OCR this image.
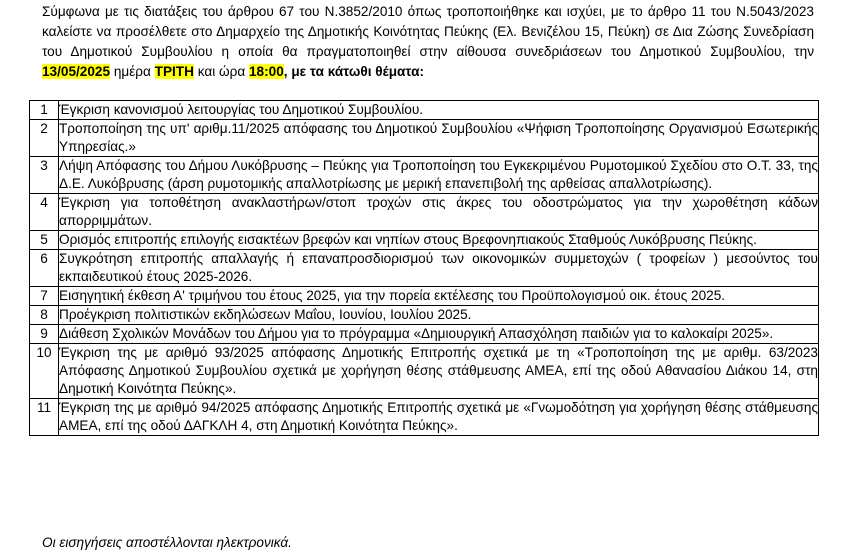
Σύμφωνα με τις διατάξεις του άρθρου 67 του Ν.3852/2010 όπως τροποποιήθηκε και ισχύει, με το άρθρο 11 του Ν.5043/2023 καλείστε να προσέλθετε στο Δημαρχείο της Δημοτικής Κοινότητας Πεύκης (Ελ. Βενιζέλου 15, Πεύκη) σε Δια Ζώσης Συνεδρίαση του Δημοτικού Συμβουλίου η οποία θα πραγματοποιηθεί στην αίθουσα συνεδριάσεων του Δημοτικού Συμβουλίου, την 13/05/2025 ημέρα ΤΡΙΤΗ και ώρα 18:00, με τα κάτωθι θέματα:

1	Έγκριση κανονισμού λειτουργίας του Δημοτικού Συμβουλίου.
2	Τροποποίηση της υπ' αριθμ.11/2025 απόφασης του Δημοτικού Συμβουλίου «Ψήφιση Τροποποίησης Οργανισμού Εσωτερικής Υπηρεσίας.»
3	Λήψη Απόφασης του Δήμου Λυκόβρυσης – Πεύκης για Τροποποίηση του Εγκεκριμένου Ρυμοτομικού Σχεδίου στο Ο.Τ. 33, της Δ.Ε. Λυκόβρυσης (άρση ρυμοτομικής απαλλοτρίωσης με μερική επανεπιβολή της αρθείσας απαλλοτρίωσης).
4	Έγκριση για τοποθέτηση ανακλαστήρων/στοπ τροχών στις άκρες του οδοστρώματος για την χωροθέτηση κάδων απορριμμάτων.
5	Ορισμός επιτροπής επιλογής εισακτέων βρεφών και νηπίων στους Βρεφονηπιακούς Σταθμούς Λυκόβρυσης Πεύκης.
6	Συγκρότηση επιτροπής απαλλαγής ή επαναπροσδιορισμού των οικονομικών συμμετοχών ( τροφείων ) μεσούντος του εκπαιδευτικού έτους 2025-2026.
7	Εισηγητική έκθεση Α' τριμήνου του έτους 2025, για την πορεία εκτέλεσης του Προϋπολογισμού οικ. έτους 2025.
8	Προέγκριση πολιτιστικών εκδηλώσεων Μαΐου, Ιουνίου, Ιουλίου 2025.
9	Διάθεση Σχολικών Μονάδων του Δήμου για το πρόγραμμα «Δημιουργική Απασχόληση παιδιών για το καλοκαίρι 2025».
10	Έγκριση της με αριθμό 93/2025 απόφασης Δημοτικής Επιτροπής σχετικά με τη «Τροποποίηση της με αριθμ. 63/2023 Απόφασης Δημοτικού Συμβουλίου σχετικά με χορήγηση θέσης στάθμευσης ΑΜΕΑ, επί της οδού Αθανασίου Διάκου 14, στη Δημοτική Κοινότητα Πεύκης».
11	Έγκριση της με αριθμό 94/2025 απόφασης Δημοτικής Επιτροπής σχετικά με «Γνωμοδότηση για χορήγηση θέσης στάθμευσης ΑΜΕΑ, επί της οδού ΔΑΓΚΛΗ 4, στη Δημοτική Κοινότητα Πεύκης».

Οι εισηγήσεις αποστέλλονται ηλεκτρονικά.
